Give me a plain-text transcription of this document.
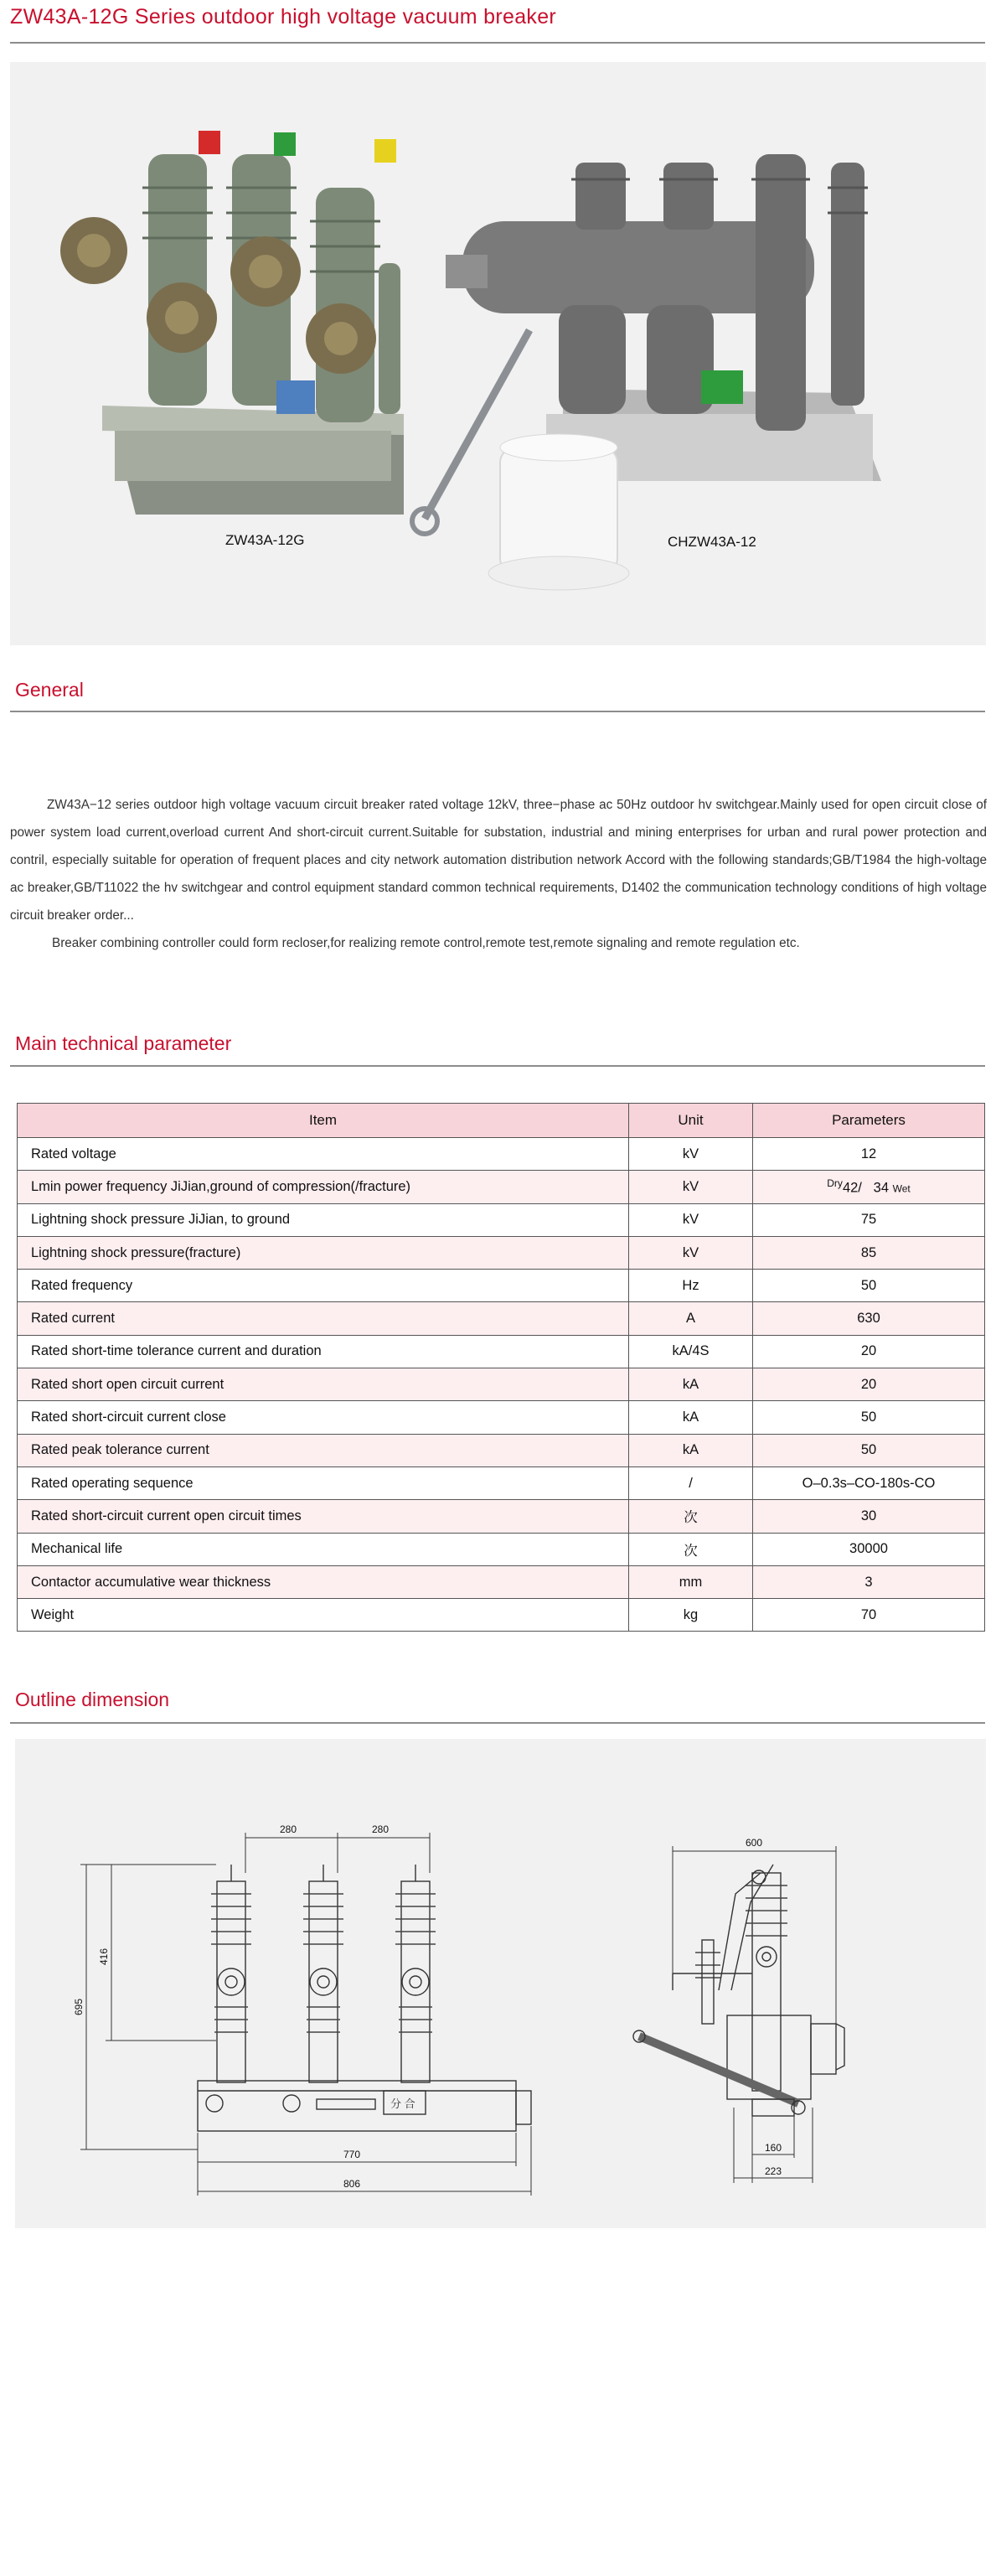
ZW43A-12G Series outdoor high voltage vacuum breaker
ZW43A-12G	CHZW43A-12
General

ZW43A−12 series outdoor high voltage vacuum circuit breaker rated voltage 12kV, three−phase ac 50Hz outdoor hv switchgear.Mainly used for open circuit close of power system load current,overload current And short-circuit current.Suitable for substation, industrial and mining enterprises for urban and rural power protection and contril, especially suitable for operation of frequent places and city network automation distribution network Accord with the following standards;GB/T1984 the high-voltage ac breaker,GB/T11022 the hv switchgear and control equipment standard common technical requirements, D1402 the communication technology conditions of high voltage circuit breaker order...

Breaker combining controller could form recloser,for realizing remote control,remote test,remote signaling and remote regulation etc.

Main technical parameter
Item	Unit	Parameters
Rated voltage	kV	12
Lmin power frequency JiJian,ground of compression(/fracture)	kV	$^{Dry}$42/ 34 Wet
Lightning shock pressure JiJian, to ground	kV	75
Lightning shock pressure(fracture)	kV	85
Rated frequency	Hz	50
Rated current	A	630
Rated short-time tolerance current and duration	kA/4S	20
Rated short open circuit current	kA	20
Rated short-circuit current close	kA	50
Rated peak tolerance current	kA	50
Rated operating sequence	/	O–0.3s–CO-180s-CO
Rated short-circuit current open circuit times	次	30
Mechanical life	次	30000
Contactor accumulative wear thickness	mm	3
Weight	kg	70
Outline dimension
分 合
280	280
695
416
770
806
600
160
223
